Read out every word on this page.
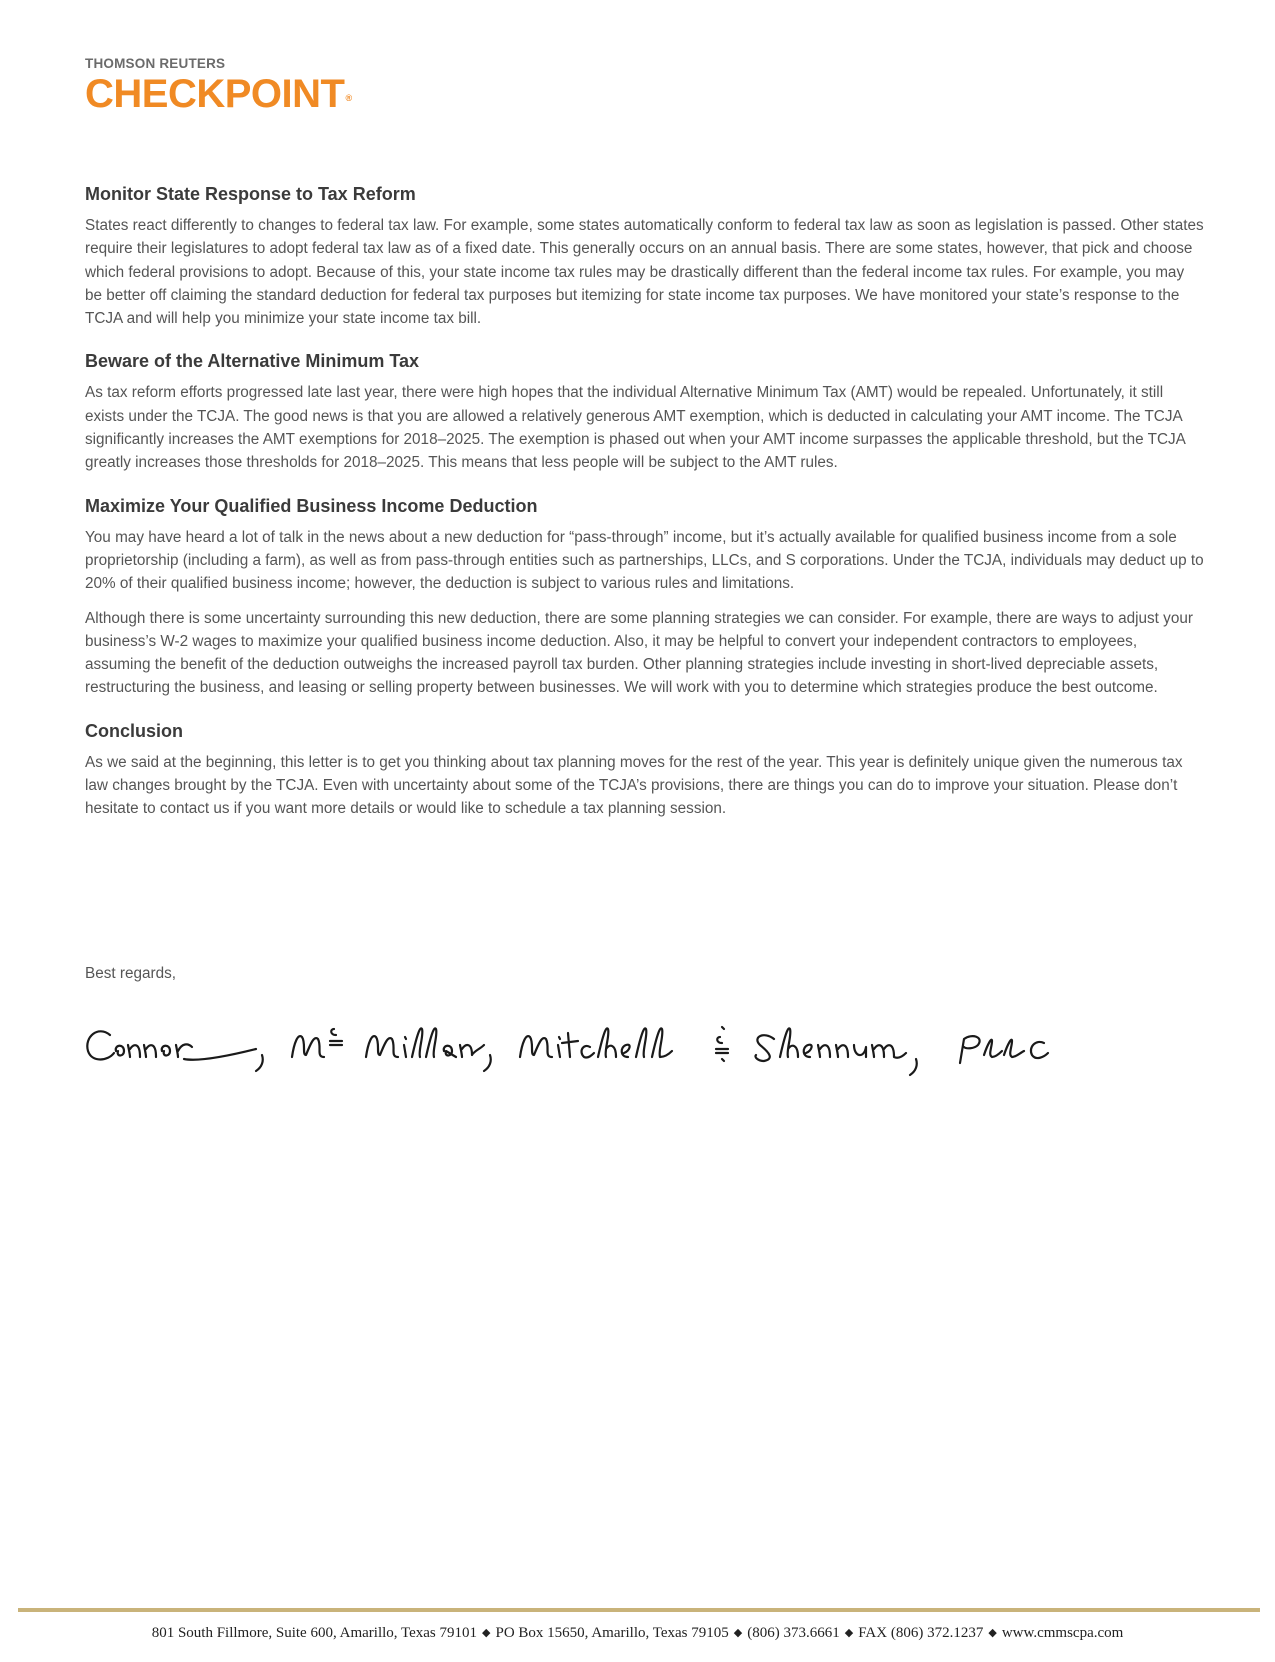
THOMSON REUTERS
CHECKPOINT®
Monitor State Response to Tax Reform

States react differently to changes to federal tax law. For example, some states automatically conform to federal tax law as soon as legislation is passed. Other states require their legislatures to adopt federal tax law as of a fixed date. This generally occurs on an annual basis. There are some states, however, that pick and choose which federal provisions to adopt. Because of this, your state income tax rules may be drastically different than the federal income tax rules. For example, you may be better off claiming the standard deduction for federal tax purposes but itemizing for state income tax purposes. We have monitored your state’s response to the TCJA and will help you minimize your state income tax bill.

Beware of the Alternative Minimum Tax

As tax reform efforts progressed late last year, there were high hopes that the individual Alternative Minimum Tax (AMT) would be repealed. Unfortunately, it still exists under the TCJA. The good news is that you are allowed a relatively generous AMT exemption, which is deducted in calculating your AMT income. The TCJA significantly increases the AMT exemptions for 2018–2025. The exemption is phased out when your AMT income surpasses the applicable threshold, but the TCJA greatly increases those thresholds for 2018–2025. This means that less people will be subject to the AMT rules.

Maximize Your Qualified Business Income Deduction

You may have heard a lot of talk in the news about a new deduction for “pass-through” income, but it’s actually available for qualified business income from a sole proprietorship (including a farm), as well as from pass-through entities such as partnerships, LLCs, and S corporations. Under the TCJA, individuals may deduct up to 20% of their qualified business income; however, the deduction is subject to various rules and limitations.

Although there is some uncertainty surrounding this new deduction, there are some planning strategies we can consider. For example, there are ways to adjust your business’s W-2 wages to maximize your qualified business income deduction. Also, it may be helpful to convert your independent contractors to employees, assuming the benefit of the deduction outweighs the increased payroll tax burden. Other planning strategies include investing in short-lived depreciable assets, restructuring the business, and leasing or selling property between businesses. We will work with you to determine which strategies produce the best outcome.

Conclusion

As we said at the beginning, this letter is to get you thinking about tax planning moves for the rest of the year. This year is definitely unique given the numerous tax law changes brought by the TCJA. Even with uncertainty about some of the TCJA’s provisions, there are things you can do to improve your situation. Please don’t hesitate to contact us if you want more details or would like to schedule a tax planning session.

Best regards,
801 South Fillmore, Suite 600, Amarillo, Texas 79101 ◆ PO Box 15650, Amarillo, Texas 79105 ◆ (806) 373.6661 ◆ FAX (806) 372.1237 ◆ www.cmmscpa.com
